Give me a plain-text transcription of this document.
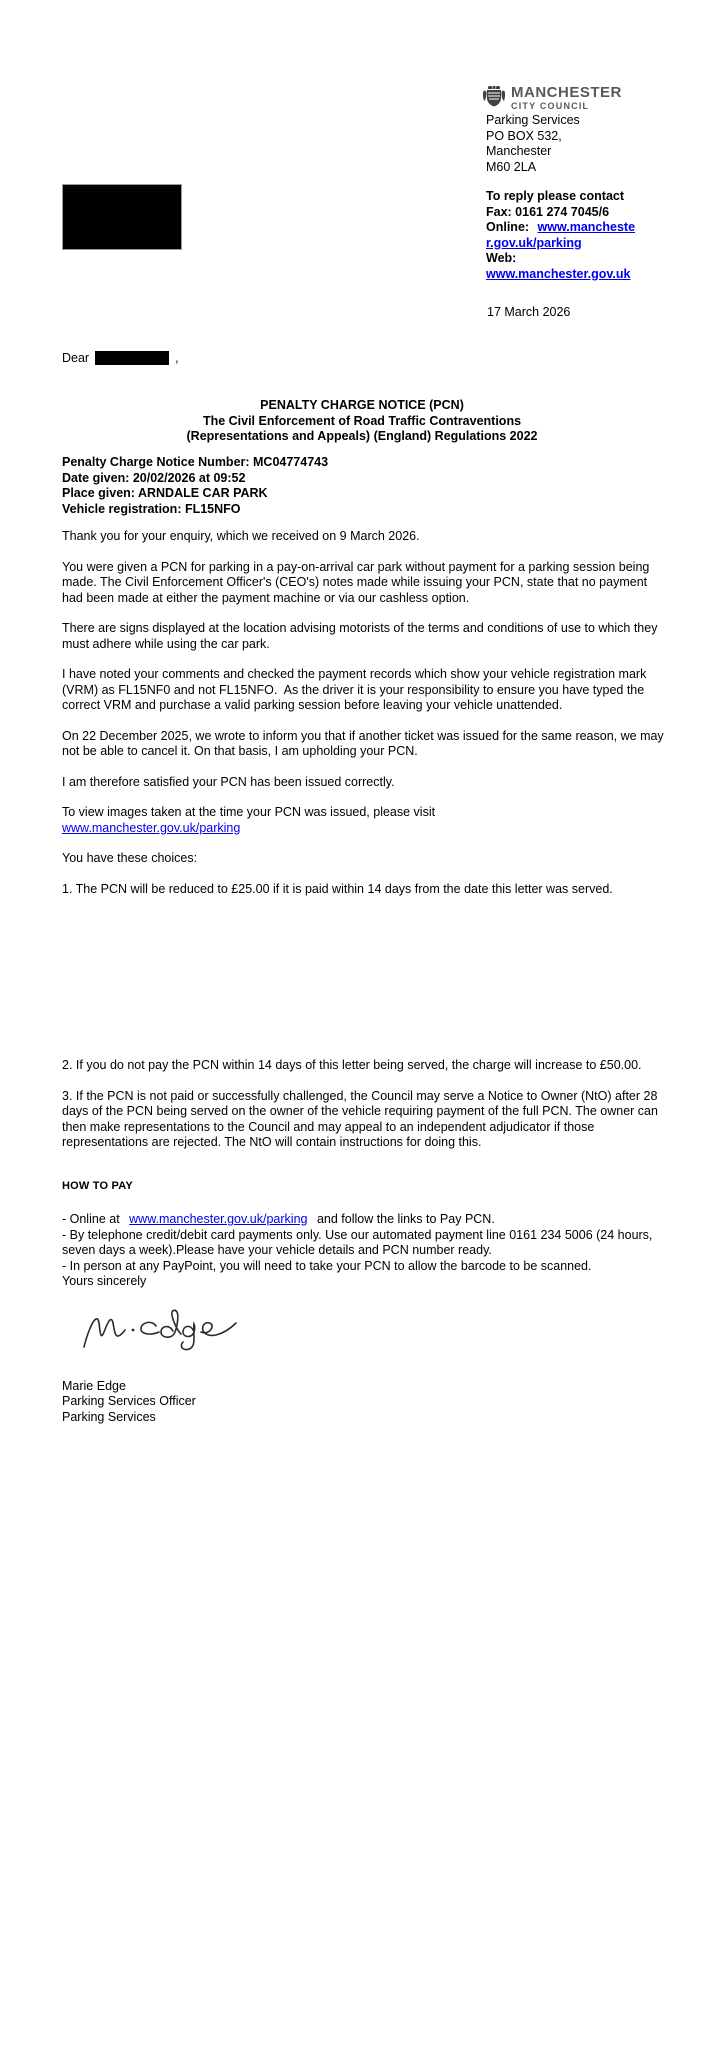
MANCHESTER
CITY COUNCIL
Parking Services
PO BOX 532,
Manchester
M60 2LA
To reply please contact
Fax: 0161 274 7045/6
Online: www.mancheste
r.gov.uk/parking
Web:
www.manchester.gov.uk
17 March 2026
Dear	,
PENALTY CHARGE NOTICE (PCN)
The Civil Enforcement of Road Traffic Contraventions
(Representations and Appeals) (England) Regulations 2022
Penalty Charge Notice Number: MC04774743
Date given: 20/02/2026 at 09:52
Place given: ARNDALE CAR PARK
Vehicle registration: FL15NFO

Thank you for your enquiry, which we received on 9 March 2026.

You were given a PCN for parking in a pay-on-arrival car park without payment for a parking session being made. The Civil Enforcement Officer's (CEO's) notes made while issuing your PCN, state that no payment had been made at either the payment machine or via our cashless option.

There are signs displayed at the location advising motorists of the terms and conditions of use to which they must adhere while using the car park.

I have noted your comments and checked the payment records which show your vehicle registration mark (VRM) as FL15NF0 and not FL15NFO.  As the driver it is your responsibility to ensure you have typed the correct VRM and purchase a valid parking session before leaving your vehicle unattended.

On 22 December 2025, we wrote to inform you that if another ticket was issued for the same reason, we may not be able to cancel it. On that basis, I am upholding your PCN.

I am therefore satisfied your PCN has been issued correctly.

To view images taken at the time your PCN was issued, please visit
www.manchester.gov.uk/parking

You have these choices:

1. The PCN will be reduced to £25.00 if it is paid within 14 days from the date this letter was served.

2. If you do not pay the PCN within 14 days of this letter being served, the charge will increase to £50.00.

3. If the PCN is not paid or successfully challenged, the Council may serve a Notice to Owner (NtO) after 28 days of the PCN being served on the owner of the vehicle requiring payment of the full PCN. The owner can then make representations to the Council and may appeal to an independent adjudicator if those representations are rejected. The NtO will contain instructions for doing this.

HOW TO PAY

- Online at www.manchester.gov.uk/parking and follow the links to Pay PCN.

- By telephone credit/debit card payments only. Use our automated payment line 0161 234 5006 (24 hours, seven days a week).Please have your vehicle details and PCN number ready.

- In person at any PayPoint, you will need to take your PCN to allow the barcode to be scanned.

Yours sincerely

Marie Edge
Parking Services Officer
Parking Services
